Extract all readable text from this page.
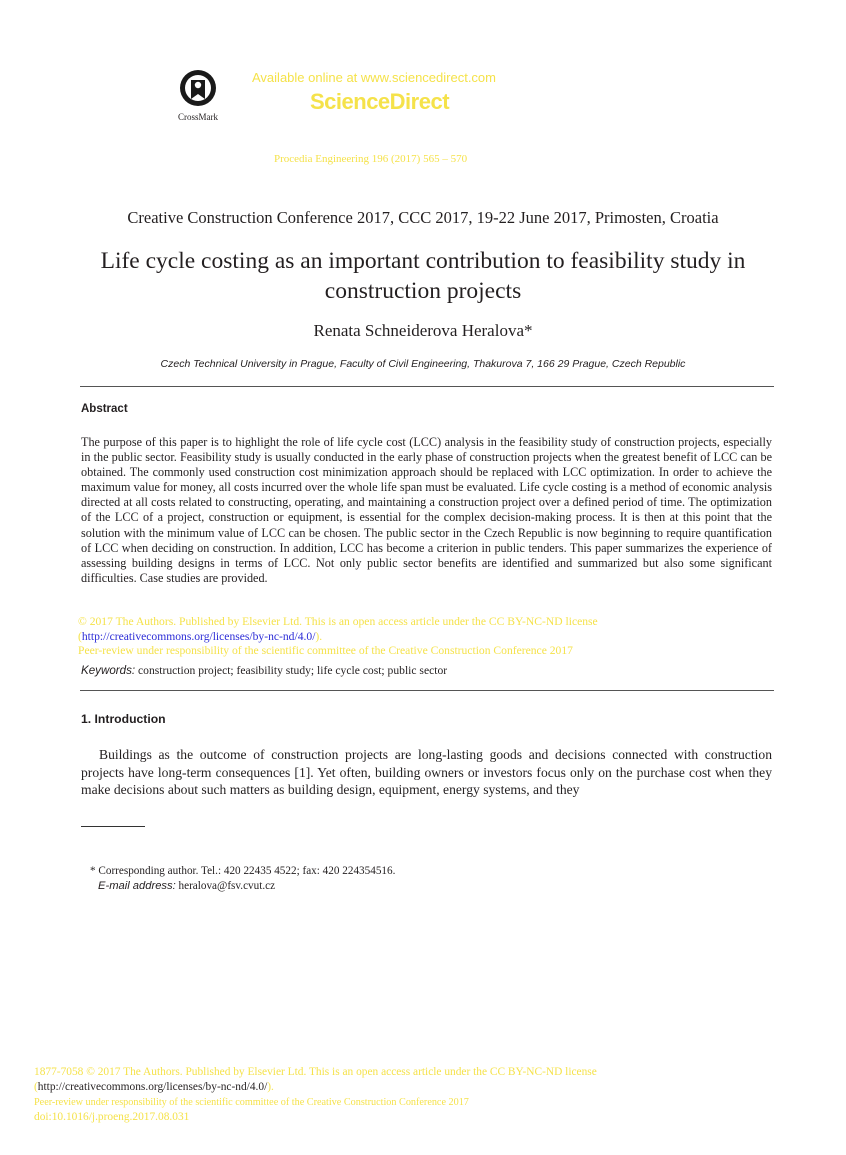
CrossMark
Available online at www.sciencedirect.com
ScienceDirect
Procedia Engineering 196 (2017) 565 – 570
Creative Construction Conference 2017, CCC 2017, 19-22 June 2017, Primosten, Croatia
Life cycle costing as an important contribution to feasibility study in construction projects
Renata Schneiderova Heralova*
Czech Technical University in Prague, Faculty of Civil Engineering, Thakurova 7, 166 29 Prague, Czech Republic
Abstract

The purpose of this paper is to highlight the role of life cycle cost (LCC) analysis in the feasibility study of construction projects, especially in the public sector. Feasibility study is usually conducted in the early phase of construction projects when the greatest benefit of LCC can be obtained. The commonly used construction cost minimization approach should be replaced with LCC optimization. In order to achieve the maximum value for money, all costs incurred over the whole life span must be evaluated. Life cycle costing is a method of economic analysis directed at all costs related to constructing, operating, and maintaining a construction project over a defined period of time. The optimization of the LCC of a project, construction or equipment, is essential for the complex decision-making process. It is then at this point that the solution with the minimum value of LCC can be chosen. The public sector in the Czech Republic is now beginning to require quantification of LCC when deciding on construction. In addition, LCC has become a criterion in public tenders. This paper summarizes the experience of assessing building designs in terms of LCC. Not only public sector benefits are identified and summarized but also some significant difficulties. Case studies are provided.

© 2017 The Authors. Published by Elsevier Ltd. This is an open access article under the CC BY-NC-ND license
(http://creativecommons.org/licenses/by-nc-nd/4.0/).
Peer-review under responsibility of the scientific committee of the Creative Construction Conference 2017
Keywords: construction project; feasibility study; life cycle cost; public sector
1. Introduction

Buildings as the outcome of construction projects are long-lasting goods and decisions connected with construction projects have long-term consequences [1]. Yet often, building owners or investors focus only on the purchase cost when they make decisions about such matters as building design, equipment, energy systems, and they

* Corresponding author. Tel.: 420 22435 4522; fax: 420 224354516.
E-mail address: heralova@fsv.cvut.cz
1877-7058 © 2017 The Authors. Published by Elsevier Ltd. This is an open access article under the CC BY-NC-ND license
(http://creativecommons.org/licenses/by-nc-nd/4.0/).
Peer-review under responsibility of the scientific committee of the Creative Construction Conference 2017
doi:10.1016/j.proeng.2017.08.031
